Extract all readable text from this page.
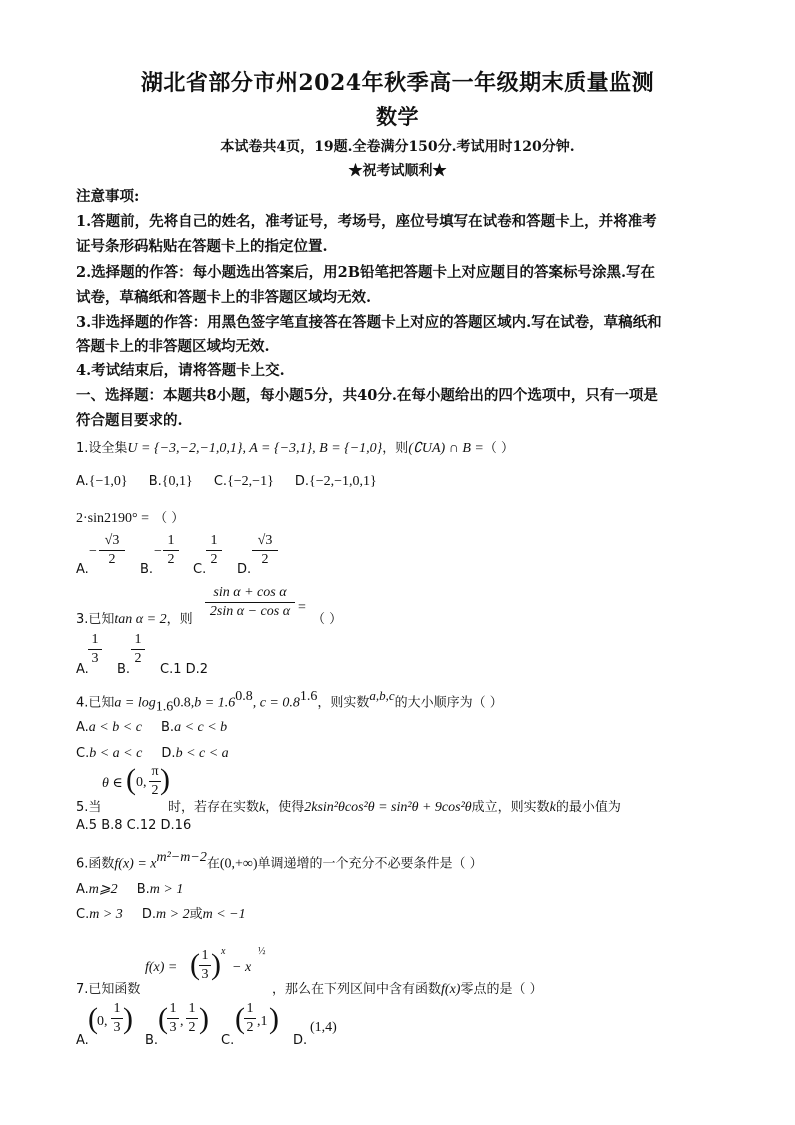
湖北省部分市州2024年秋季高一年级期末质量监测
数学
本试卷共4页，19题.全卷满分150分.考试用时120分钟.
★祝考试顺利★
注意事项:
1.答题前，先将自己的姓名，准考证号，考场号，座位号填写在试卷和答题卡上，并将准考
证号条形码粘贴在答题卡上的指定位置.
2.选择题的作答：每小题选出答案后，用2B铅笔把答题卡上对应题目的答案标号涂黑.写在
试卷，草稿纸和答题卡上的非答题区域均无效.
3.非选择题的作答：用黑色签字笔直接答在答题卡上对应的答题区域内.写在试卷，草稿纸和
答题卡上的非答题区域均无效.
4.考试结束后，请将答题卡上交.
一、选择题：本题共8小题，每小题5分，共40分.在每小题给出的四个选项中，只有一项是
符合题目要求的.
1.设全集U = {−3,−2,−1,0,1}, A = {−3,1}, B = {−1,0}，则(∁UA) ∩ B =（ ）
A.{−1,0} B.{0,1} C.{−2,−1} D.{−2,−1,0,1}
2·sin2190° = （ ）
A.
−
√3
2
B.
−
1
2
C.
1
2
D.
√3
2
3.已知tan α = 2，则
sin α + cos α
2sin α − cos α =
（ ）
A.
1
3
B.
1
2
C.1 D.2
4.已知$a = \log_{1.6}0.8,b = 1.6^{0.8}$, $c = 0.8^{1.6}$，则实数$^{a,b,c}$的大小顺序为（ ）
A.a < b < c B.a < c < b
C.b < a < c D.b < c < a
θ ∈ ( 0,
π
2 )
5.当	时，若存在实数k，使得2ksin²θcos²θ = sin²θ + 9cos²θ成立，则实数k的最小值为
A.5 B.8 C.12 D.16
6.函数$f(x) = x^{m^2-m-2}$在(0,+∞)单调递增的一个充分不必要条件是（ ）
A.m⩾2 B.m > 1
C.m > 3 D.m > 2或m < −1
f(x) = ( 1
3 ) x
− x
½
7.已知函数	，那么在下列区间中含有函数f(x)零点的是（ ）
A.
( 0,
1
3 )
B.
( 1
3 ,
1
2 )
C.
( 1
2 ,1 )
D.
(1,4)
